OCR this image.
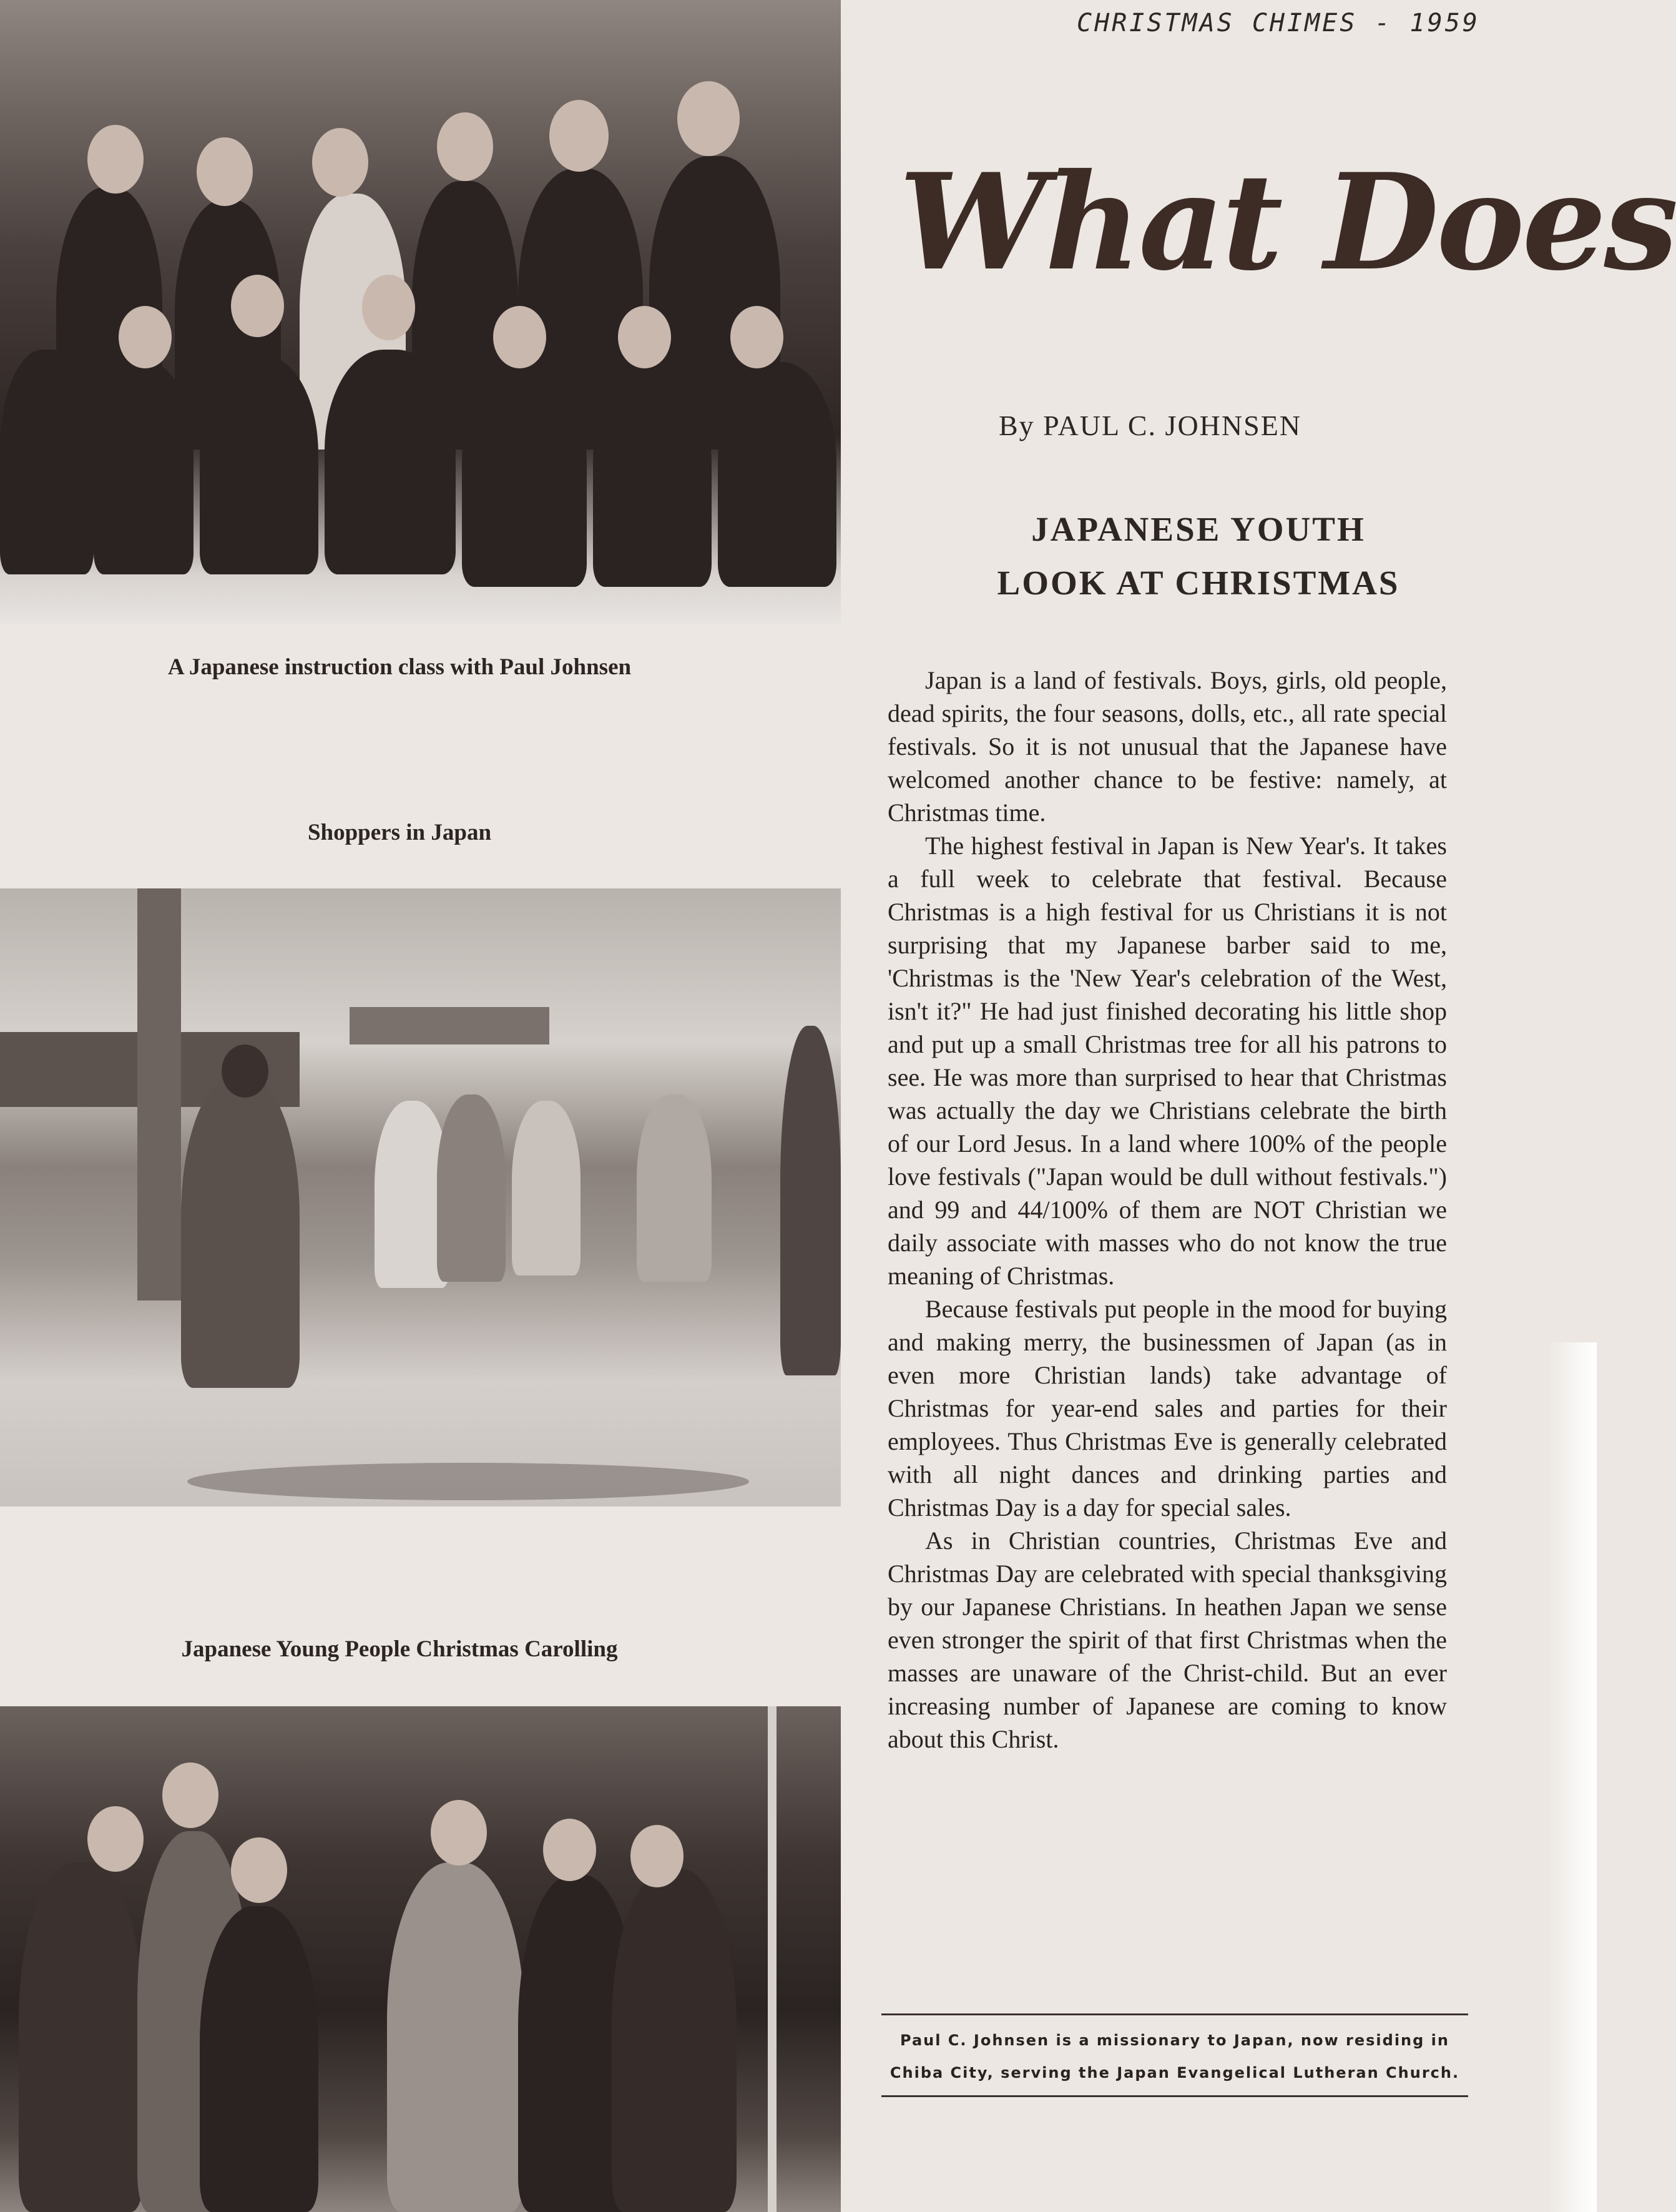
A Japanese instruction class with Paul Johnsen
Shoppers in Japan
Japanese Young People Christmas Carolling
CHRISTMAS CHIMES - 1959
What Does
By PAUL C. JOHNSEN
JAPANESE YOUTH
LOOK AT CHRISTMAS

Japan is a land of festivals. Boys, girls, old people, dead spirits, the four seasons, dolls, etc., all rate special festivals. So it is not unusual that the Japanese have welcomed another chance to be festive: namely, at Christmas time.

The highest festival in Japan is New Year's. It takes a full week to celebrate that festival. Because Christmas is a high festival for us Christians it is not surprising that my Japanese barber said to me, 'Christmas is the 'New Year's celebration of the West, isn't it?" He had just finished decorating his little shop and put up a small Christmas tree for all his patrons to see. He was more than surprised to hear that Christmas was actually the day we Christians celebrate the birth of our Lord Jesus. In a land where 100% of the people love festivals ("Japan would be dull without festivals.") and 99 and 44/100% of them are NOT Christian we daily associate with masses who do not know the true meaning of Christmas.

Because festivals put people in the mood for buying and making merry, the businessmen of Japan (as in even more Christian lands) take advantage of Christmas for year-end sales and parties for their employees. Thus Christmas Eve is generally celebrated with all night dances and drinking parties and Christmas Day is a day for special sales.

As in Christian countries, Christmas Eve and Christmas Day are celebrated with special thanksgiving by our Japanese Christians. In heathen Japan we sense even stronger the spirit of that first Christmas when the masses are unaware of the Christ-child. But an ever increasing number of Japanese are coming to know about this Christ.

Paul C. Johnsen is a missionary to Japan, now residing in
Chiba City, serving the Japan Evangelical Lutheran Church.
